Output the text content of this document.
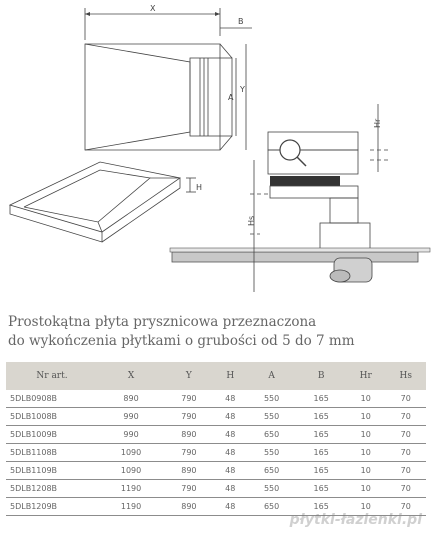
X
B
A
Y
H
Hs
Hr
Prostokątna płyta prysznicowa przeznaczona
do wykończenia płytkami o grubości od 5 do 7 mm
Nr art.	X	Y	H	A	B	Hr	Hs
5DLB0908B	890	790	48	550	165	10	70
5DLB1008B	990	790	48	550	165	10	70
5DLB1009B	990	890	48	650	165	10	70
5DLB1108B	1090	790	48	550	165	10	70
5DLB1109B	1090	890	48	650	165	10	70
5DLB1208B	1190	790	48	550	165	10	70
5DLB1209B	1190	890	48	650	165	10	70
płytki-łazienki.pl
